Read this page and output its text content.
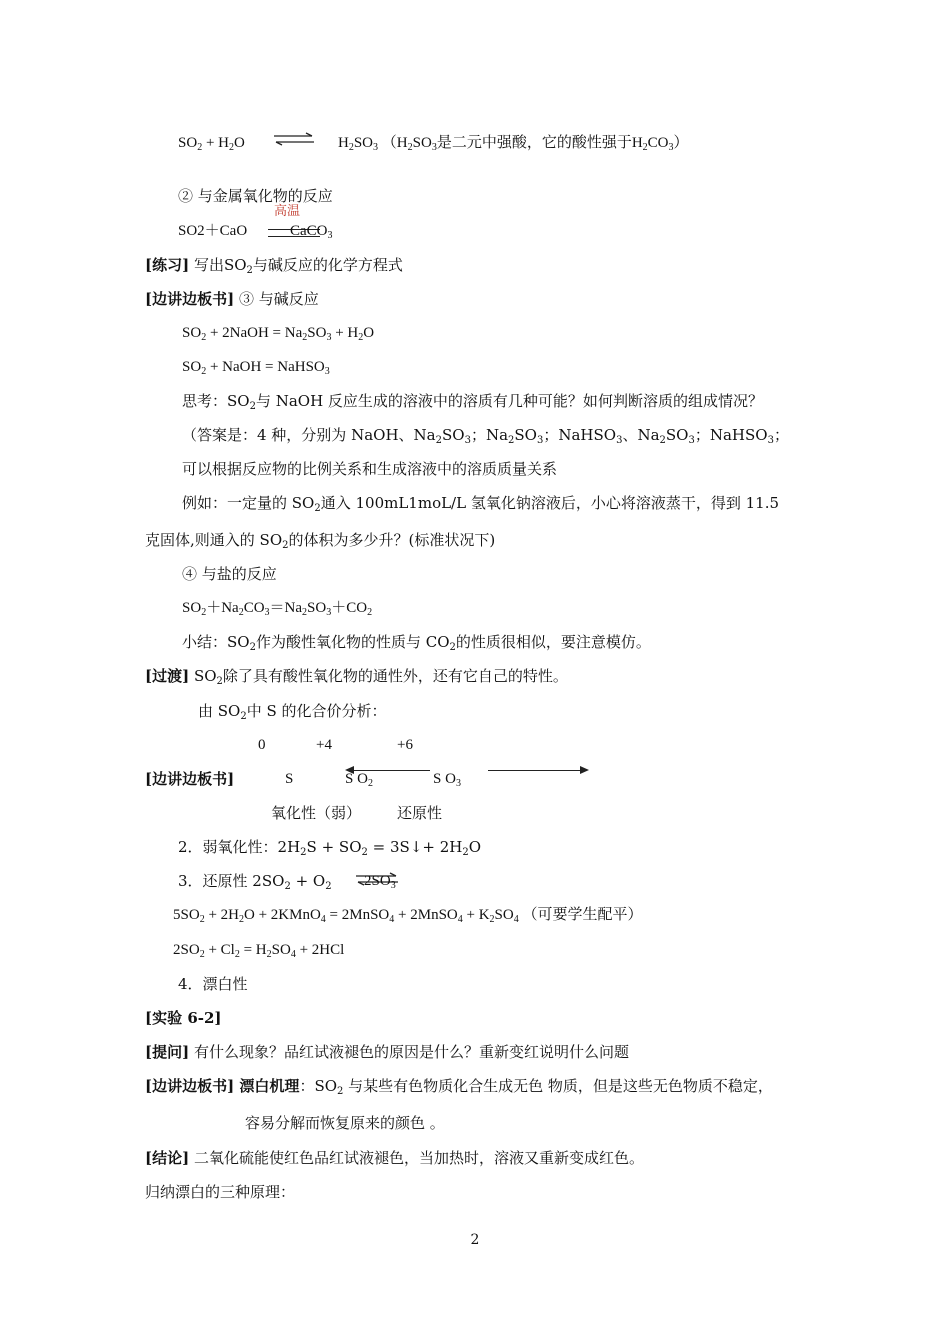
$SO_2 + H_2O$ ⇌ $H_2SO_3$ （$H_2SO_3$是二元中强酸，它的酸性强于$H_2CO_3$）
② 与金属氧化物的反应
高温
SO2＋CaO	CaCO$_3$
[练习] 写出$SO_2$与碱反应的化学方程式
[边讲边板书] ③ 与碱反应
$SO_2$ + 2NaOH = $Na_2SO_3 + H_2O$
$SO_2$ + NaOH = NaHSO$_3$
思考：$SO_2$与 NaOH 反应生成的溶液中的溶质有几种可能？如何判断溶质的组成情况？
（答案是：4 种，分别为 NaOH、$Na_2SO_3$；$Na_2SO_3$；NaHSO$_3$、$Na_2SO_3$；NaHSO$_3$；
可以根据反应物的比例关系和生成溶液中的溶质质量关系
例如：一定量的 $SO_2$通入 100mL1moL/L 氢氧化钠溶液后，小心将溶液蒸干，得到 11.5
克固体,则通入的 $SO_2$的体积为多少升？(标准状况下)
④ 与盐的反应
$SO_2+Na_2CO_3=Na_2SO_3+CO_2$
小结：$SO_2$作为酸性氧化物的性质与 $CO_2$的性质很相似，要注意模仿。
[过渡] $SO_2$除了具有酸性氧化物的通性外，还有它自己的特性。
由 $SO_2$中 S 的化合价分析：
0	+4	+6
[边讲边板书]	S	S $O_2$	S $O_3$
氧化性（弱） 还原性
2．弱氧化性：$2H_2S + SO_2$ = 3S↓+ $2H_2O$
3．还原性 $2SO_2 + O_2$ $2SO_3$
$5SO_2 + 2H_2O$ + 2KMnO$_4$ = 2MnSO$_4$ + 2MnSO$_4$ + $K_2SO_4$ （可要学生配平）
$2SO_2 + Cl_2 = H_2SO_4 + 2HCl$
4．漂白性
[实验 6-2]
[提问] 有什么现象？品红试液褪色的原因是什么？重新变红说明什么问题
[边讲边板书] 漂白机理：$SO_2$ 与某些有色物质化合生成无色 物质，但是这些无色物质不稳定，
容易分解而恢复原来的颜色 。
[结论] 二氧化硫能使红色品红试液褪色，当加热时，溶液又重新变成红色。
归纳漂白的三种原理：
2
